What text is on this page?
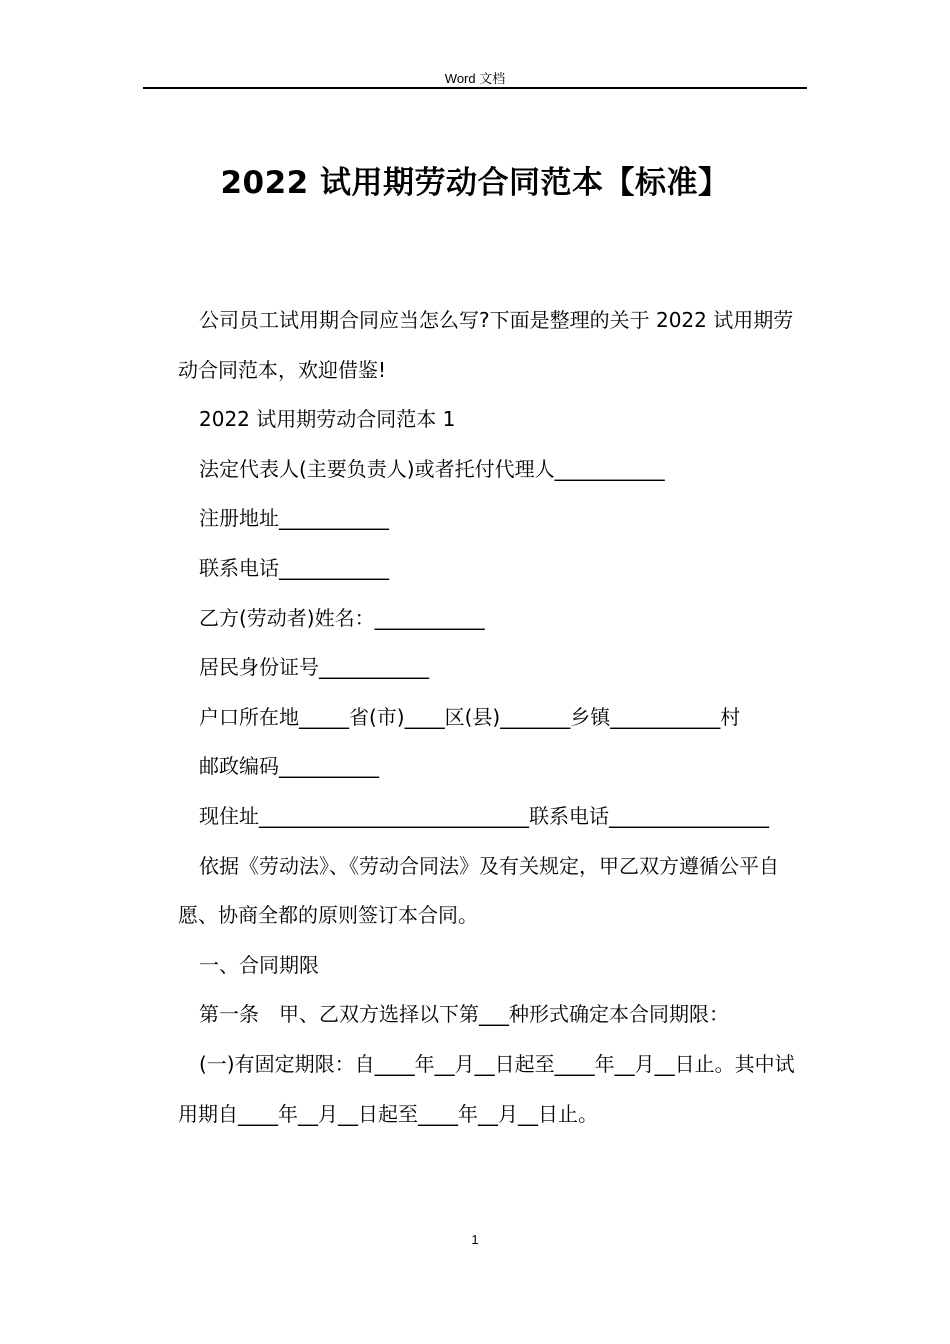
Word 文档
2022 试用期劳动合同范本【标准】

公司员工试用期合同应当怎么写?下面是整理的关于 2022 试用期劳动合同范本，欢迎借鉴!

2022 试用期劳动合同范本 1

法定代表人(主要负责人)或者托付代理人___________

注册地址___________

联系电话___________

乙方(劳动者)姓名：___________

居民身份证号___________

户口所在地_____省(市)____区(县)_______乡镇___________村

邮政编码__________

现住址___________________________联系电话________________

依据《劳动法》、《劳动合同法》及有关规定，甲乙双方遵循公平自愿、协商全都的原则签订本合同。

一、合同期限

第一条　甲、乙双方选择以下第___种形式确定本合同期限：

(一)有固定期限：自____年__月__日起至____年__月__日止。其中试用期自____年__月__日起至____年__月__日止。

1
